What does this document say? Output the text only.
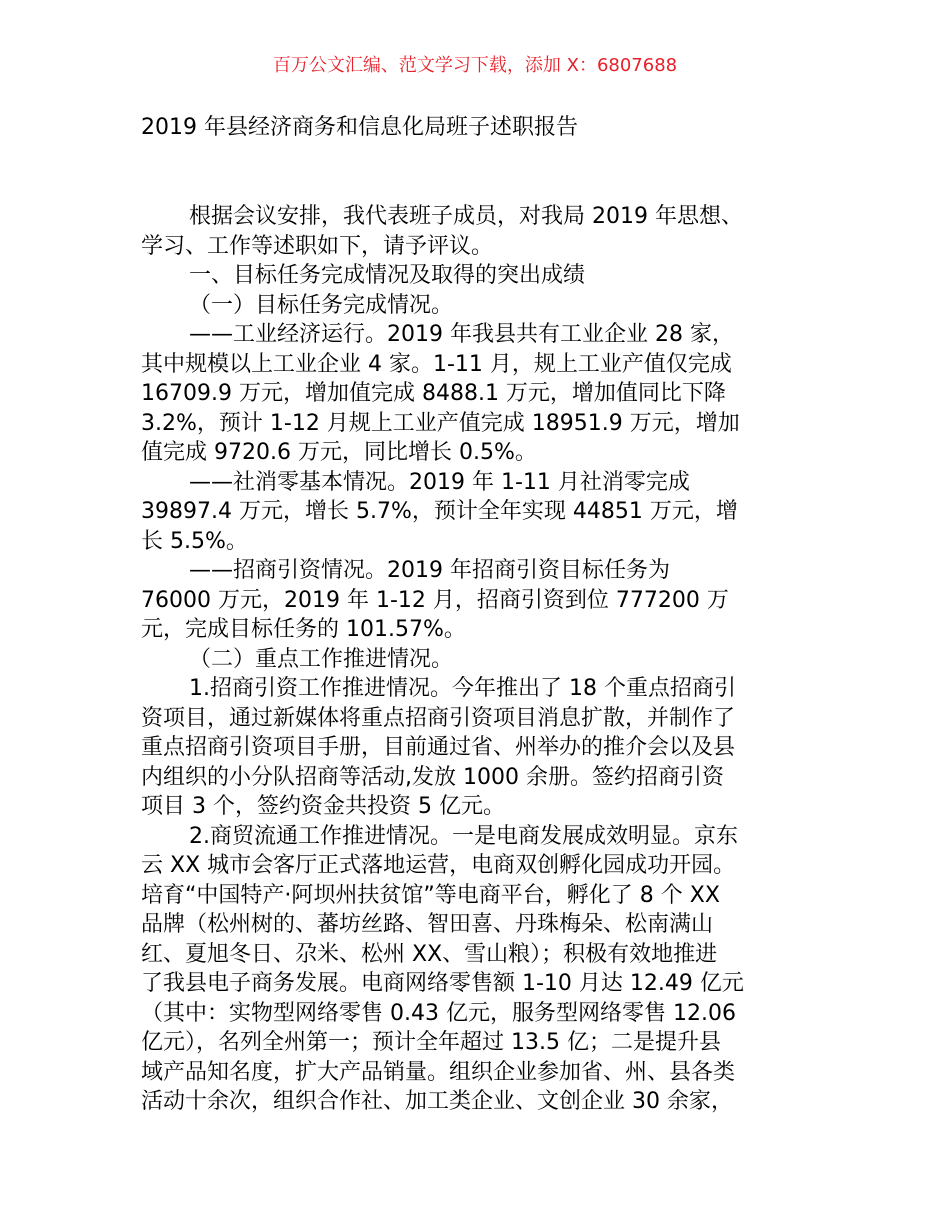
百万公文汇编、范文学习下载，添加 X：6807688
2019 年县经济商务和信息化局班子述职报告
根据会议安排，我代表班子成员，对我局 2019 年思想、
学习、工作等述职如下，请予评议。
一、目标任务完成情况及取得的突出成绩
（一）目标任务完成情况。
——工业经济运行。2019 年我县共有工业企业 28 家，
其中规模以上工业企业 4 家。1-11 月，规上工业产值仅完成
16709.9 万元，增加值完成 8488.1 万元，增加值同比下降
3.2%，预计 1-12 月规上工业产值完成 18951.9 万元，增加
值完成 9720.6 万元，同比增长 0.5%。
——社消零基本情况。2019 年 1-11 月社消零完成
39897.4 万元，增长 5.7%，预计全年实现 44851 万元，增
长 5.5%。
——招商引资情况。2019 年招商引资目标任务为
76000 万元，2019 年 1-12 月，招商引资到位 777200 万
元，完成目标任务的 101.57%。
（二）重点工作推进情况。
1.招商引资工作推进情况。今年推出了 18 个重点招商引
资项目，通过新媒体将重点招商引资项目消息扩散，并制作了
重点招商引资项目手册，目前通过省、州举办的推介会以及县
内组织的小分队招商等活动,发放 1000 余册。签约招商引资
项目 3 个，签约资金共投资 5 亿元。
2.商贸流通工作推进情况。一是电商发展成效明显。京东
云 XX 城市会客厅正式落地运营，电商双创孵化园成功开园。
培育“中国特产·阿坝州扶贫馆”等电商平台，孵化了 8 个 XX
品牌（松州树的、蕃坊丝路、智田喜、丹珠梅朵、松南满山
红、夏旭冬日、尕米、松州 XX、雪山粮）；积极有效地推进
了我县电子商务发展。电商网络零售额 1-10 月达 12.49 亿元
（其中：实物型网络零售 0.43 亿元，服务型网络零售 12.06
亿元），名列全州第一；预计全年超过 13.5 亿；二是提升县
域产品知名度，扩大产品销量。组织企业参加省、州、县各类
活动十余次，组织合作社、加工类企业、文创企业 30 余家，
